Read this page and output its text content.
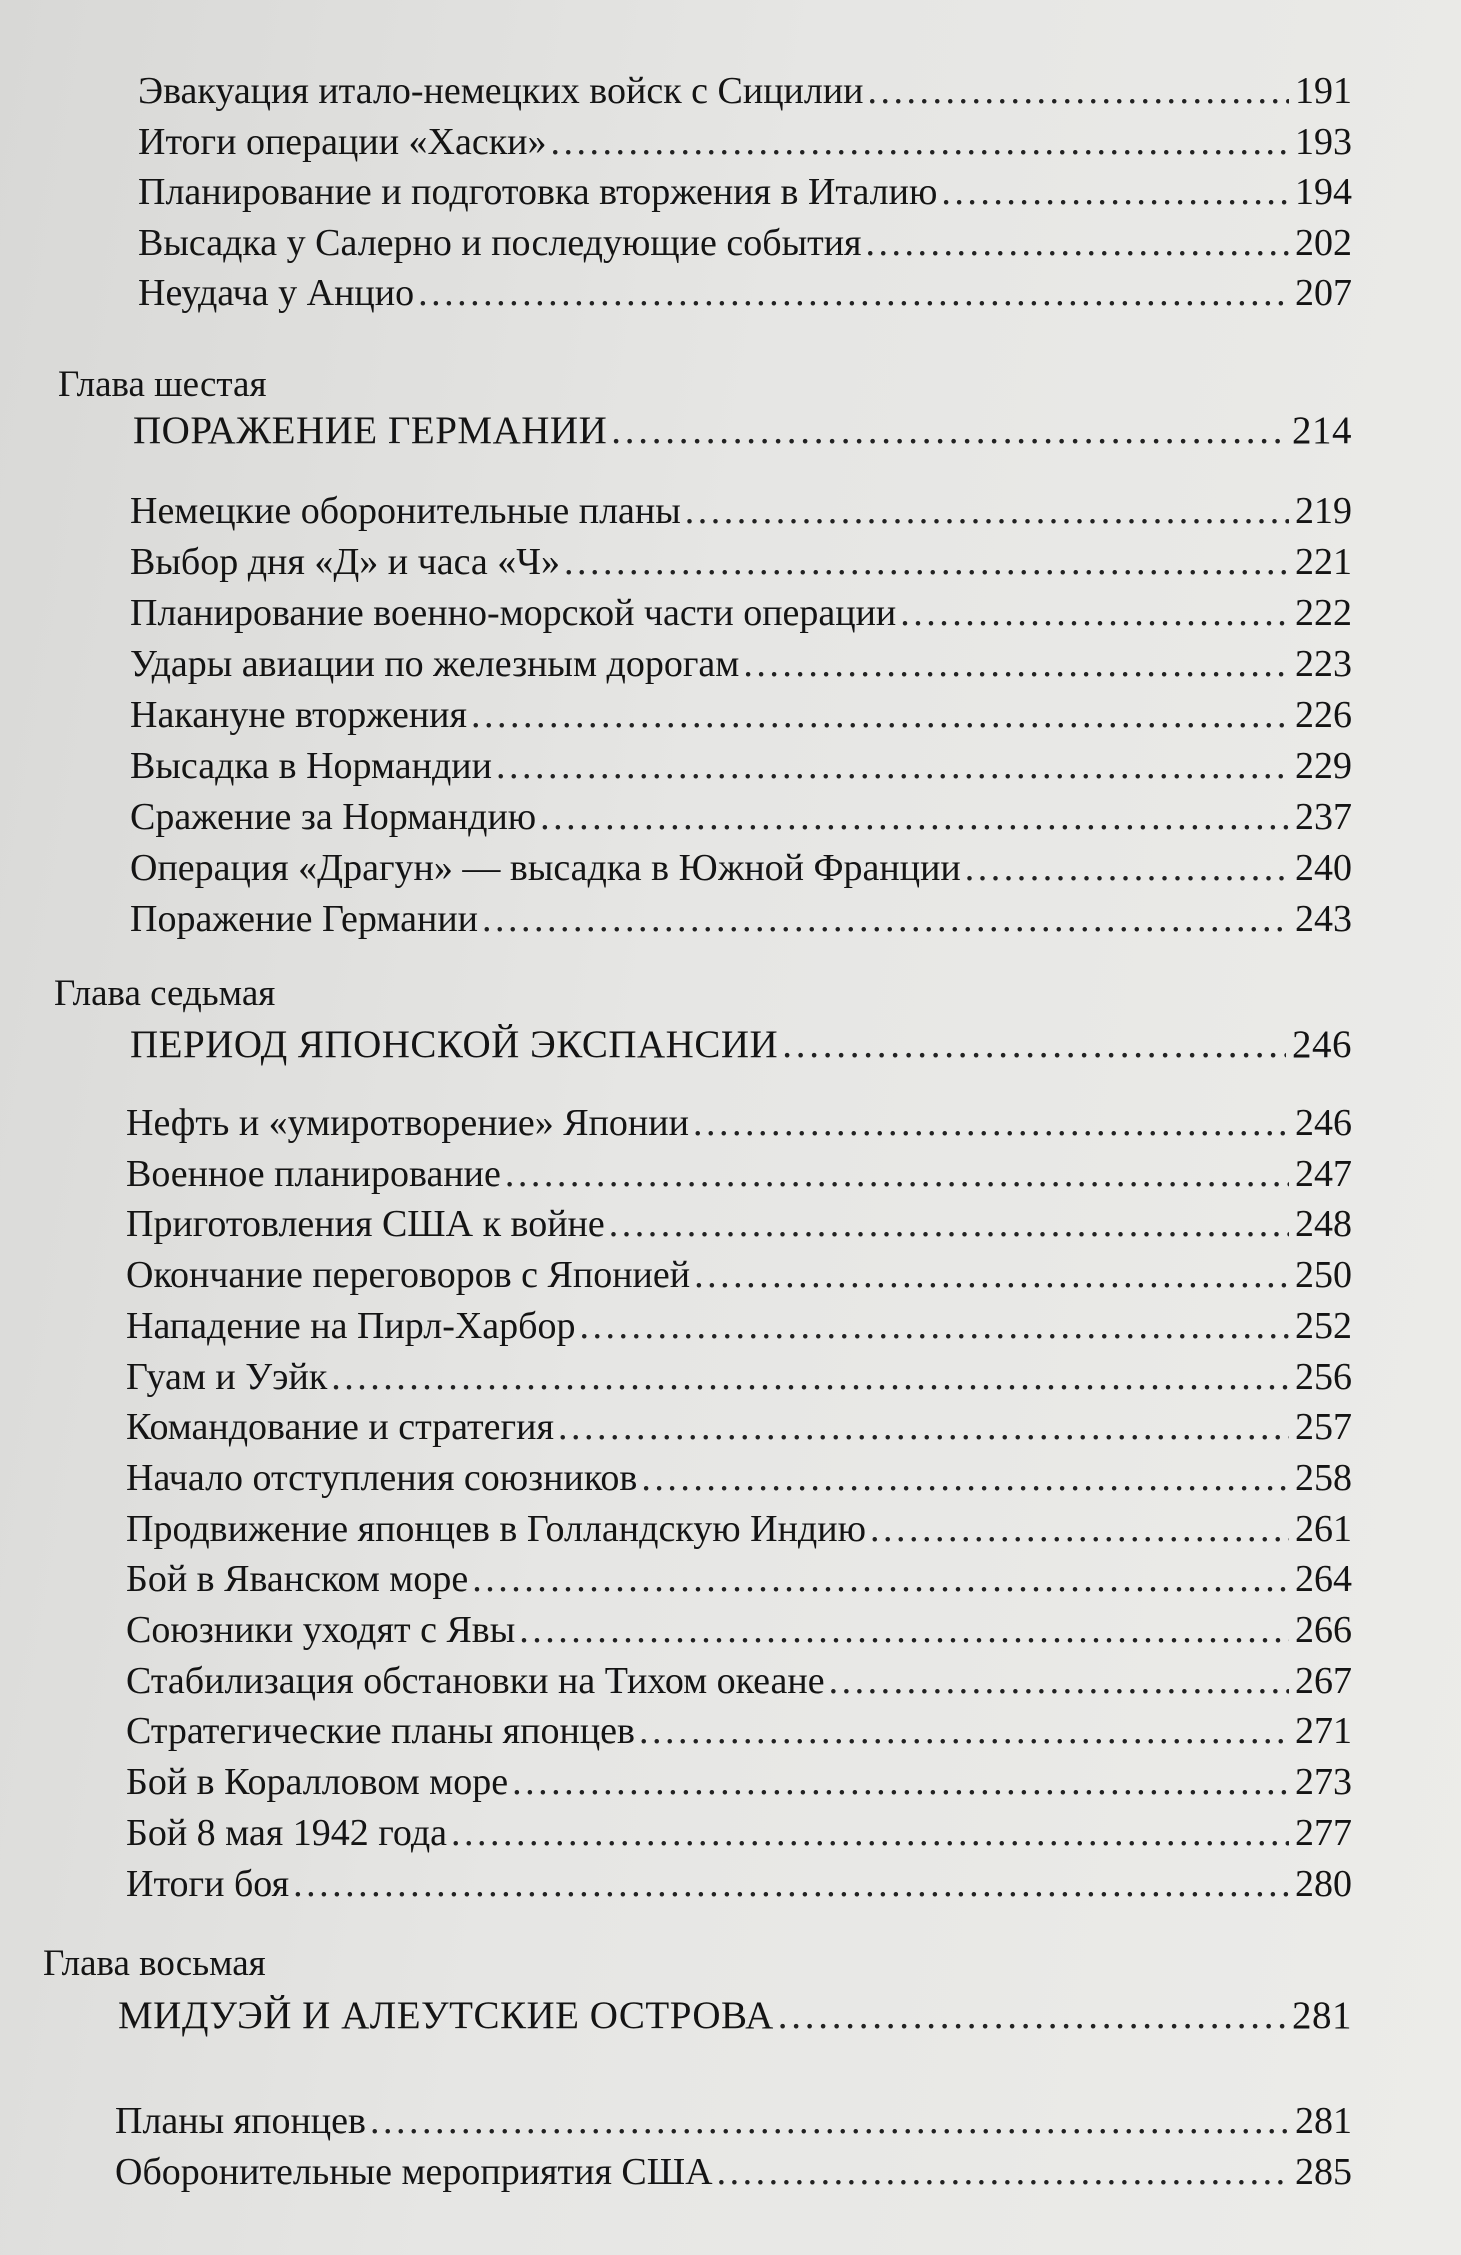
Эвакуация итало-немецких войск с Сицилии . . .	191
Итоги операции «Хаски» . . .	193
Планирование и подготовка вторжения в Италию . . .	194
Высадка у Салерно и последующие события . . .	202
Неудача у Анцио . . .	207
Глава шестая
ПОРАЖЕНИЕ ГЕРМАНИИ . . .	214
Немецкие оборонительные планы . . .	219
Выбор дня «Д» и часа «Ч» . . .	221
Планирование военно-морской части операции . . .	222
Удары авиации по железным дорогам . . .	223
Накануне вторжения . . .	226
Высадка в Нормандии . . .	229
Сражение за Нормандию . . .	237
Операция «Драгун» — высадка в Южной Франции . . .	240
Поражение Германии . . .	243
Глава седьмая
ПЕРИОД ЯПОНСКОЙ ЭКСПАНСИИ . . .	246
Нефть и «умиротворение» Японии . . .	246
Военное планирование . . .	247
Приготовления США к войне . . .	248
Окончание переговоров с Японией . . .	250
Нападение на Пирл-Харбор . . .	252
Гуам и Уэйк . . .	256
Командование и стратегия . . .	257
Начало отступления союзников . . .	258
Продвижение японцев в Голландскую Индию . . .	261
Бой в Яванском море . . .	264
Союзники уходят с Явы . . .	266
Стабилизация обстановки на Тихом океане . . .	267
Стратегические планы японцев . . .	271
Бой в Коралловом море . . .	273
Бой 8 мая 1942 года . . .	277
Итоги боя . . .	280
Глава восьмая
МИДУЭЙ И АЛЕУТСКИЕ ОСТРОВА . . .	281
Планы японцев . . .	281
Оборонительные мероприятия США . . .	285
